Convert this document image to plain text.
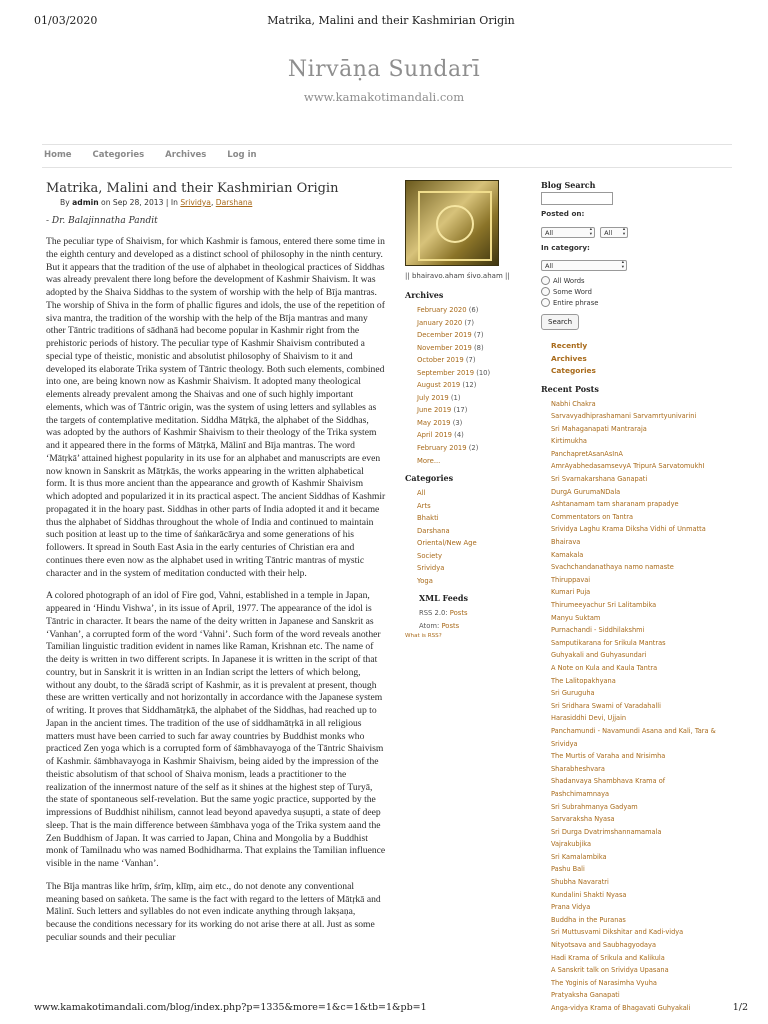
01/03/2020	Matrika, Malini and their Kashmirian Origin
Nirvāṇa Sundarī
www.kamakotimandali.com
Home Categories Archives Log in
Matrika, Malini and their Kashmirian Origin
By admin on Sep 28, 2013 | In Srividya, Darshana
- Dr. Balajinnatha Pandit

The peculiar type of Shaivism, for which Kashmir is famous, entered there some time in the eighth century and developed as a distinct school of philosophy in the ninth century. But it appears that the tradition of the use of alphabet in theological practices of Siddhas was already prevalent there long before the development of Kashmir Shaivism. It was adopted by the Shaiva Siddhas to the system of worship with the help of Bīja mantras. The worship of Shiva in the form of phallic figures and idols, the use of the repetition of siva mantra, the tradition of the worship with the help of the Bīja mantras and many other Tāntric traditions of sādhanā had become popular in Kashmir right from the prehistoric periods of history. The peculiar type of Kashmir Shaivism contributed a special type of theistic, monistic and absolutist philosophy of Shaivism to it and developed its elaborate Trika system of Tāntric theology. Both such elements, combined into one, are being known now as Kashmir Shaivism. It adopted many theological elements already prevalent among the Shaivas and one of such highly important elements, which was of Tāntric origin, was the system of using letters and syllables as the targets of contemplative meditation. Siddha Mātṛkā, the alphabet of the Siddhas, was adopted by the authors of Kashmir Shaivism to their theology of the Trika system and it appeared there in the forms of Mātṛkā, Mālinī and Bīja mantras. The word ‘Mātṛkā’ attained highest popularity in its use for an alphabet and manuscripts are even now known in Sanskrit as Mātṛkās, the works appearing in the written alphabetical form. It is thus more ancient than the appearance and growth of Kashmir Shaivism which adopted and popularized it in its practical aspect. The ancient Siddhas of Kashmir propagated it in the hoary past. Siddhas in other parts of India adopted it and it became thus the alphabet of Siddhas throughout the whole of India and continued to maintain such position at least up to the time of śaṅkarācārya and some generations of his followers. It spread in South East Asia in the early centuries of Christian era and continues there even now as the alphabet used in writing Tāntric mantras of mystic character and in the system of meditation conducted with their help.

A colored photograph of an idol of Fire god, Vahni, established in a temple in Japan, appeared in ‘Hindu Vishwa’, in its issue of April, 1977. The appearance of the idol is Tāntric in character. It bears the name of the deity written in Japanese and Sanskrit as ‘Vanhan’, a corrupted form of the word ‘Vahni’. Such form of the word reveals another Tamilian linguistic tradition evident in names like Raman, Krishnan etc. The name of the deity is written in two different scripts. In Japanese it is written in the script of that country, but in Sanskrit it is written in an Indian script the letters of which belong, without any doubt, to the śāradā script of Kashmir, as it is prevalent at present, though these are written vertically and not horizontally in accordance with the Japanese system of writing. It proves that Siddhamātṛkā, the alphabet of the Siddhas, had reached up to Japan in the ancient times. The tradition of the use of siddhamātṛkā in all religious matters must have been carried to such far away countries by Buddhist monks who practiced Zen yoga which is a corrupted form of śāmbhavayoga of the Tāntric Shaivism of Kashmir. śāmbhavayoga in Kashmir Shaivism, being aided by the impression of the theistic absolutism of that school of Shaiva monism, leads a practitioner to the realization of the innermost nature of the self as it shines at the highest step of Turyā, the state of spontaneous self-revelation. But the same yogic practice, supported by the impressions of Buddhist nihilism, cannot lead beyond apavedya suṣupti, a state of deep sleep. That is the main difference between śāmbhava yoga of the Trika system aand the Zen Buddhism of Japan. It was carried to Japan, China and Mongolia by a Buddhist monk of Tamilnadu who was named Bodhidharma. That explains the Tamilian influence visible in the name ‘Vanhan’.

The Bīja mantras like hrīṃ, śrīṃ, klīṃ, aiṃ etc., do not denote any conventional meaning based on saṅketa. The same is the fact with regard to the letters of Mātṛkā and Mālinī. Such letters and syllables do not even indicate anything through lakṣaṇa, because the conditions necessary for its working do not arise there at all. Just as some peculiar sounds and their peculiar

|| bhairavo.aham śivo.aham ||
Archives
February 2020 (6)
January 2020 (7)
December 2019 (7)
November 2019 (8)
October 2019 (7)
September 2019 (10)
August 2019 (12)
July 2019 (1)
June 2019 (17)
May 2019 (3)
April 2019 (4)
February 2019 (2)
More...
Categories
All
Arts
Bhakti
Darshana
Oriental/New Age
Society
Srividya
Yoga
XML Feeds
RSS 2.0: Posts
Atom: Posts
What is RSS?
Blog Search
Posted on:
All ▴ ▾	All ▴ ▾
In category:
All ▴ ▾
All Words
Some Word
Entire phrase
Search
Recently
Archives
Categories
Recent Posts
Nabhi Chakra
Sarvavyadhiprashamani Sarvamrtyunivarini
Sri Mahaganapati Mantraraja
Kirtimukha
PanchapretAsanAsInA
AmrAyabhedasamsevyA TripurA SarvatomukhI
Sri Svarnakarshana Ganapati
DurgA GurumaNDala
Ashtanamam tam sharanam prapadye
Commentators on Tantra
Srividya Laghu Krama Diksha Vidhi of Unmatta
Bhairava
Kamakala
Svachchandanathaya namo namaste
Thiruppavai
Kumari Puja
Thirumeeyachur Sri Lalitambika
Manyu Suktam
Purnachandi - Siddhilakshmi
Samputikarana for Srikula Mantras
Guhyakali and Guhyasundari
A Note on Kula and Kaula Tantra
The Lalitopakhyana
Sri Guruguha
Sri Sridhara Swami of Varadahalli
Harasiddhi Devi, Ujjain
Panchamundi - Navamundi Asana and Kali, Tara &
Srividya
The Murtis of Varaha and Nrisimha
Sharabheshvara
Shadanvaya Shambhava Krama of
Pashchimamnaya
Sri Subrahmanya Gadyam
Sarvaraksha Nyasa
Sri Durga Dvatrimshannamamala
Vajrakubjika
Sri Kamalambika
Pashu Bali
Shubha Navaratri
Kundalini Shakti Nyasa
Prana Vidya
Buddha in the Puranas
Sri Muttusvami Dikshitar and Kadi-vidya
Nityotsava and Saubhagyodaya
Hadi Krama of Srikula and Kalikula
A Sanskrit talk on Srividya Upasana
The Yoginis of Narasimha Vyuha
Pratyaksha Ganapati
Anga-vidya Krama of Bhagavati Guhyakali
www.kamakotimandali.com/blog/index.php?p=1335&more=1&c=1&tb=1&pb=1	1/2
